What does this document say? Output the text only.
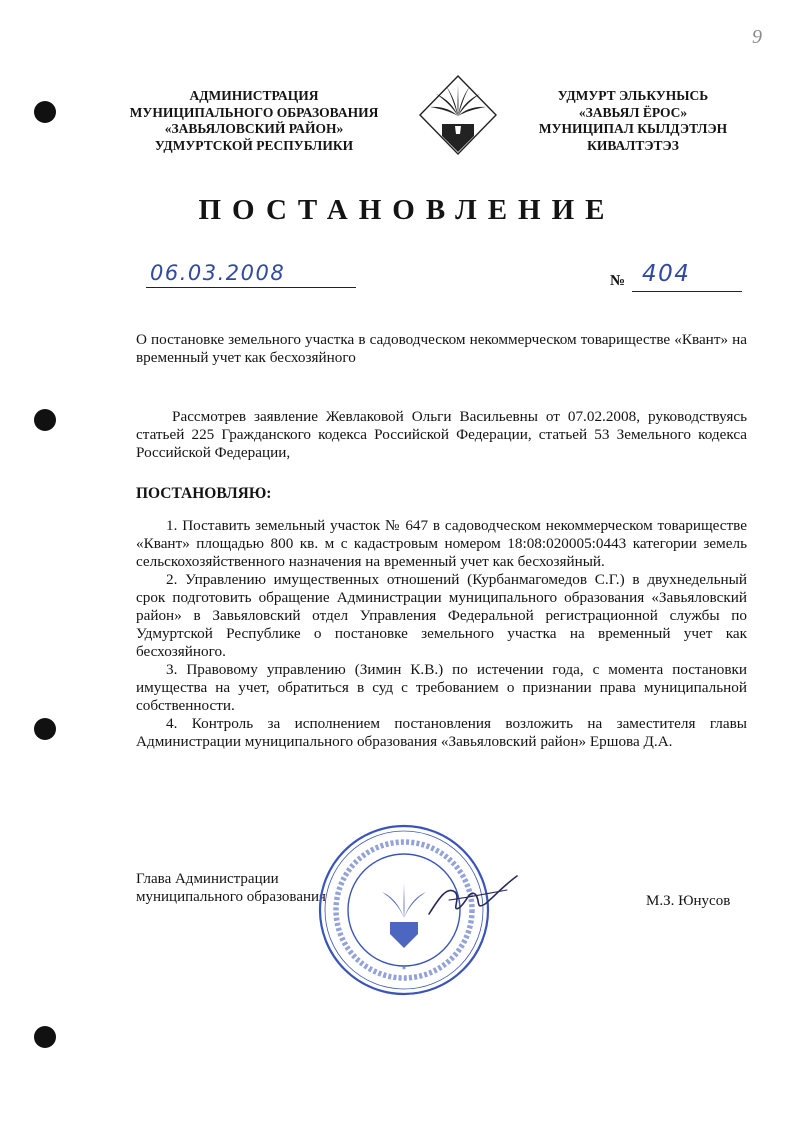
9
АДМИНИСТРАЦИЯ
МУНИЦИПАЛЬНОГО ОБРАЗОВАНИЯ
«ЗАВЬЯЛОВСКИЙ РАЙОН»
УДМУРТСКОЙ РЕСПУБЛИКИ
УДМУРТ ЭЛЬКУНЫСЬ
«ЗАВЬЯЛ ЁРОС»
МУНИЦИПАЛ КЫЛДЭТЛЭН
КИВАЛТЭТЭЗ
ПОСТАНОВЛЕНИЕ
06.03.2008	№ 404

О постановке земельного участка в садоводческом некоммерческом товариществе «Квант» на временный учет как бесхозяйного

Рассмотрев заявление Жевлаковой Ольги Васильевны от 07.02.2008, руководствуясь статьей 225 Гражданского кодекса Российской Федерации, статьей 53 Земельного кодекса Российской Федерации,

ПОСТАНОВЛЯЮ:

1. Поставить земельный участок № 647 в садоводческом некоммерческом товариществе «Квант» площадью 800 кв. м с кадастровым номером 18:08:020005:0443 категории земель сельскохозяйственного назначения на временный учет как бесхозяйный.

2. Управлению имущественных отношений (Курбанмагомедов С.Г.) в двухнедельный срок подготовить обращение Администрации муниципального образования «Завьяловский район» в Завьяловский отдел Управления Федеральной регистрационной службы по Удмуртской Республике о постановке земельного участка на временный учет как бесхозяйного.

3. Правовому управлению (Зимин К.В.) по истечении года, с момента постановки имущества на учет, обратиться в суд с требованием о признании права муниципальной собственности.

4. Контроль за исполнением постановления возложить на заместителя главы Администрации муниципального образования «Завьяловский район» Ершова Д.А.

Глава Администрации
муниципального образования
*
М.З. Юнусов
